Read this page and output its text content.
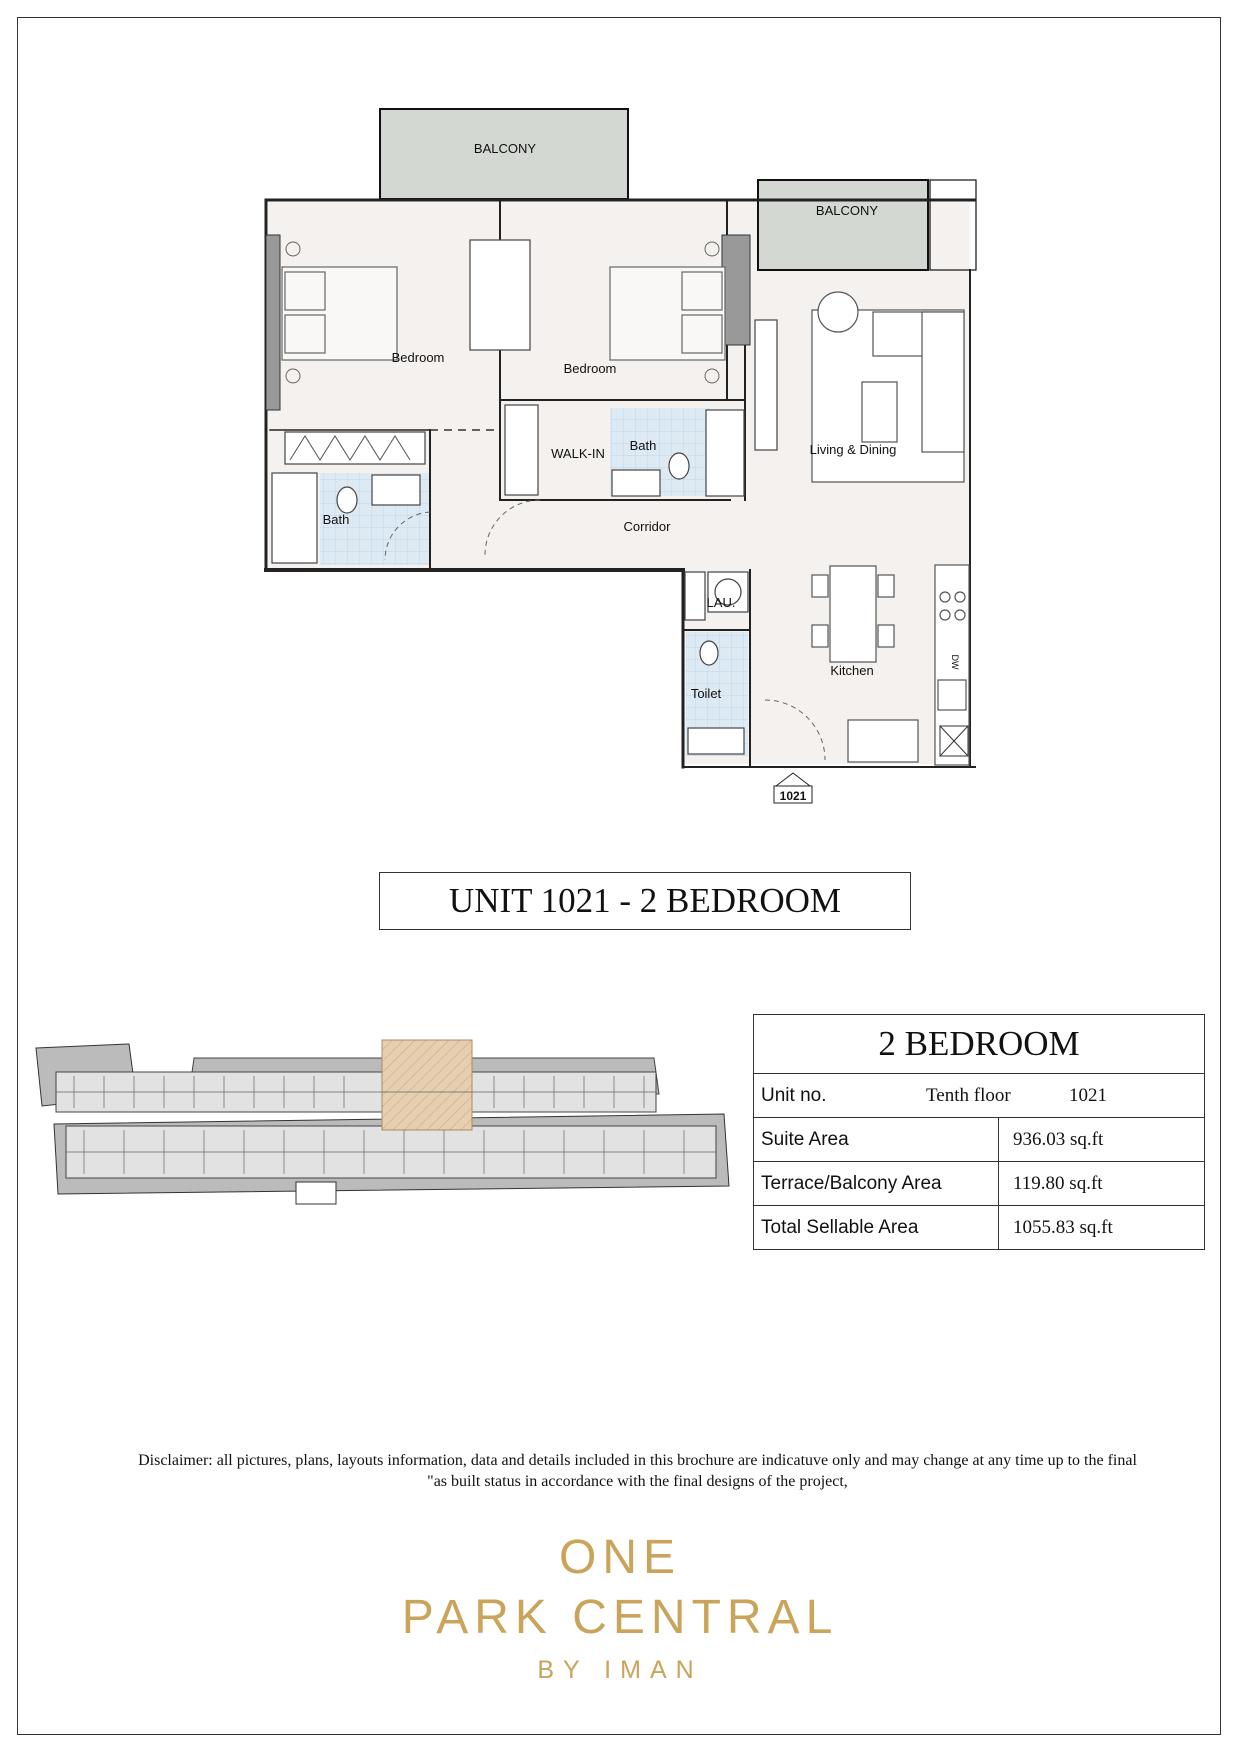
1021
BALCONY
BALCONY
Bedroom
Bedroom
Bath
Bath
WALK-IN	Living & Dining
Corridor
LAU.
Toilet
Kitchen
DW
UNIT 1021 - 2 BEDROOM
2 BEDROOM	

Unit no. Tenth floor 1021	

Suite Area	936.03 sq.ft
Terrace/Balcony Area	119.80 sq.ft
Total Sellable Area	1055.83 sq.ft
Disclaimer: all pictures, plans, layouts information, data and details included in this brochure are indicatuve only and may change at any time up to the final
"as built status in accordance with the final designs of the project,
ONE
PARK CENTRAL
BY IMAN
